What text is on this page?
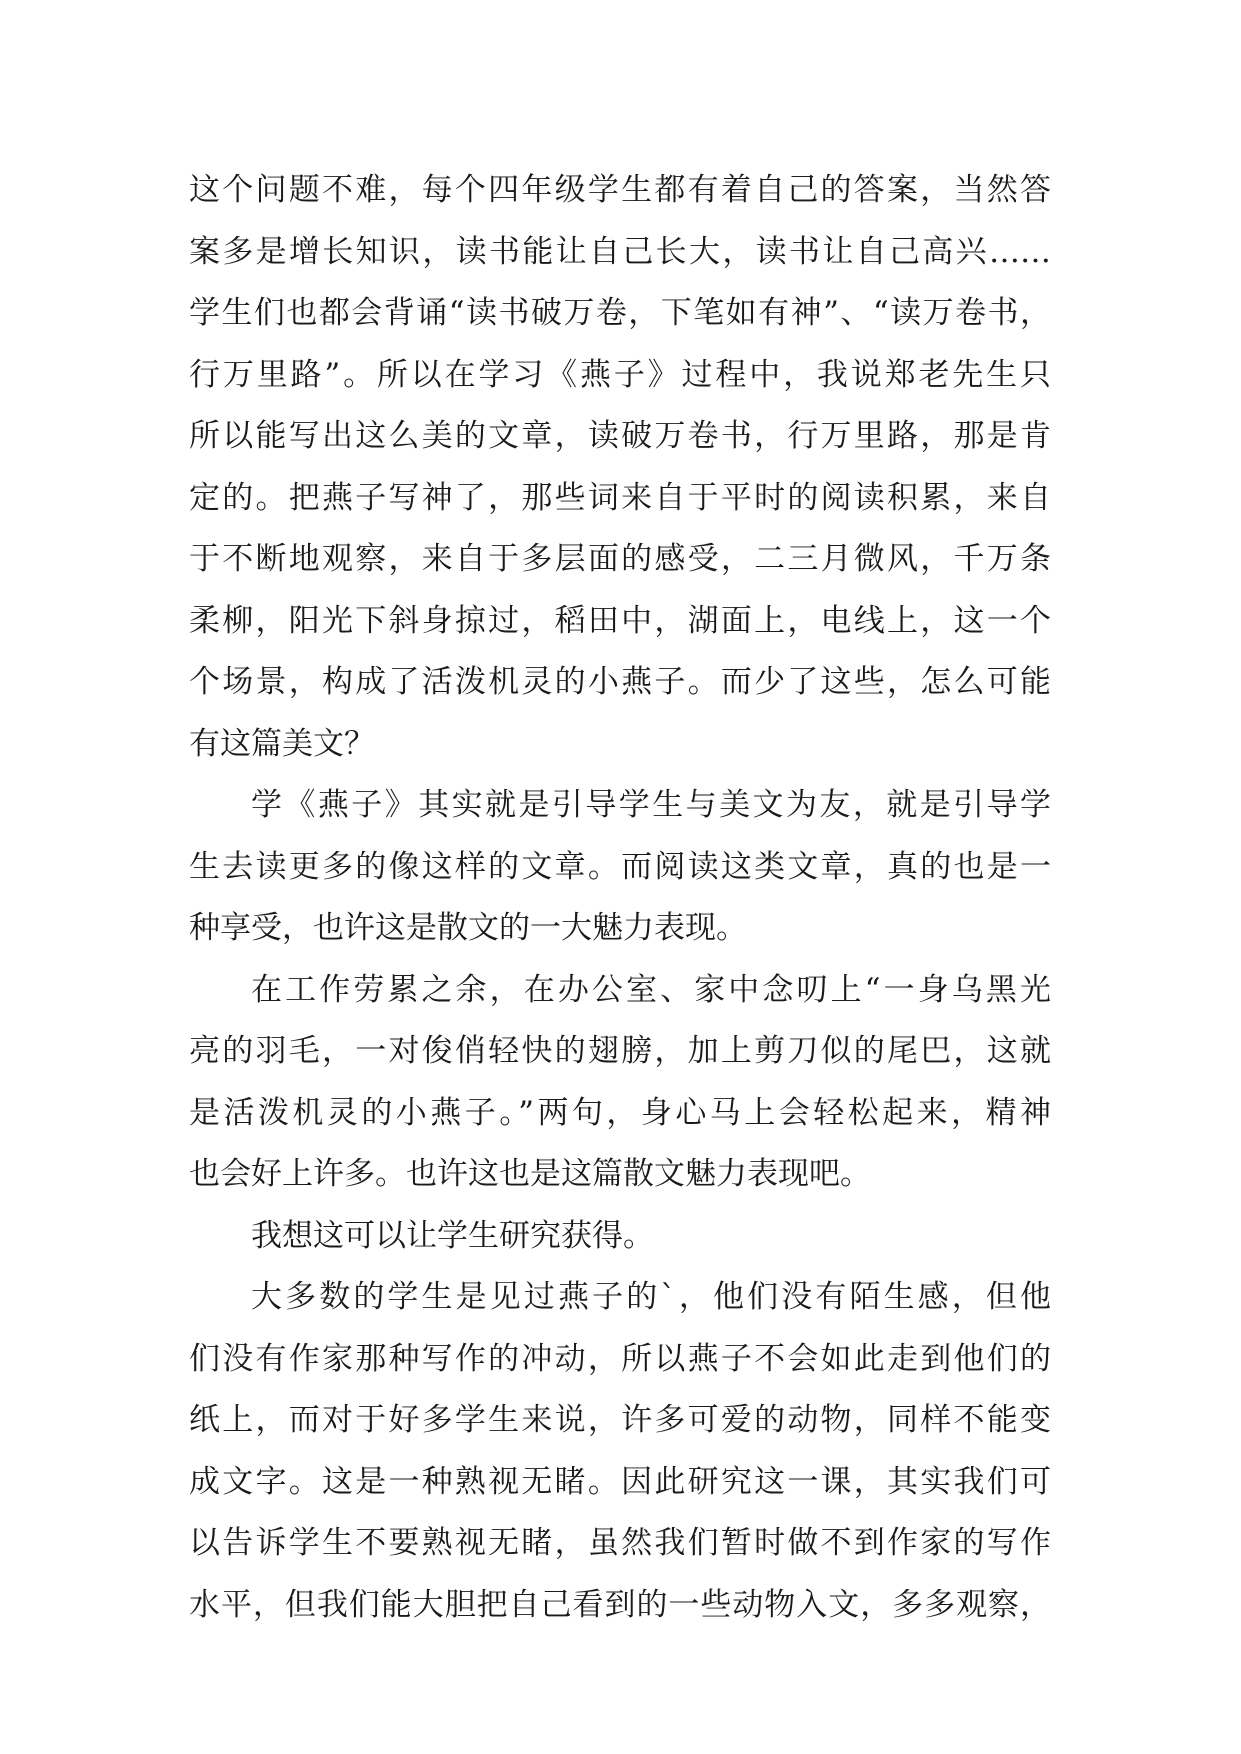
这个问题不难，每个四年级学生都有着自己的答案，当然答
案多是增长知识，读书能让自己长大，读书让自己高兴……
学生们也都会背诵“读书破万卷，下笔如有神”、“读万卷书，
行万里路”。所以在学习《燕子》过程中，我说郑老先生只
所以能写出这么美的文章，读破万卷书，行万里路，那是肯
定的。把燕子写神了，那些词来自于平时的阅读积累，来自
于不断地观察，来自于多层面的感受，二三月微风，千万条
柔柳，阳光下斜身掠过，稻田中，湖面上，电线上，这一个
个场景，构成了活泼机灵的小燕子。而少了这些，怎么可能
有这篇美文？
学《燕子》其实就是引导学生与美文为友，就是引导学
生去读更多的像这样的文章。而阅读这类文章，真的也是一
种享受，也许这是散文的一大魅力表现。
在工作劳累之余，在办公室、家中念叨上“一身乌黑光
亮的羽毛，一对俊俏轻快的翅膀，加上剪刀似的尾巴，这就
是活泼机灵的小燕子。”两句，身心马上会轻松起来，精神
也会好上许多。也许这也是这篇散文魅力表现吧。
我想这可以让学生研究获得。
大多数的学生是见过燕子的`，他们没有陌生感，但他
们没有作家那种写作的冲动，所以燕子不会如此走到他们的
纸上，而对于好多学生来说，许多可爱的动物，同样不能变
成文字。这是一种熟视无睹。因此研究这一课，其实我们可
以告诉学生不要熟视无睹，虽然我们暂时做不到作家的写作
水平，但我们能大胆把自己看到的一些动物入文，多多观察，
